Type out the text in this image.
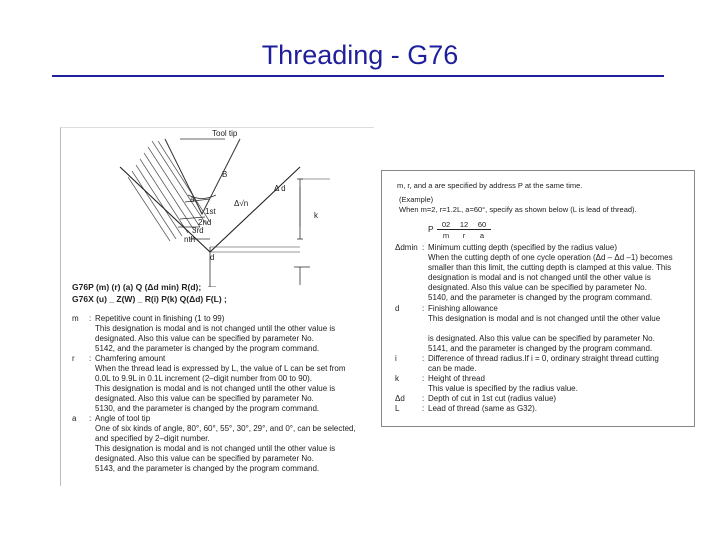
Threading - G76
Tool tip
B
a
1st
2nd
3rd
nth
Δ d
Δ√n
k
d
G76P (m) (r) (a) Q (Δd min) R(d);
G76X (u) _ Z(W) _ R(i) P(k) Q(Δd) F(L) ;
m	: Repetitive count in finishing (1 to 99)
This designation is modal and is not changed until the other value is
designated. Also this value can be specified by parameter No.
5142, and the parameter is changed by the program command.
r	: Chamfering amount
When the thread lead is expressed by L, the value of L can be set from
0.0L to 9.9L in 0.1L increment (2–digit number from 00 to 90).
This designation is modal and is not changed until the other value is
designated. Also this value can be specified by parameter No.
5130, and the parameter is changed by the program command.
a	: Angle of tool tip
One of six kinds of angle, 80°, 60°, 55°, 30°, 29°, and 0°, can be selected,
and specified by 2–digit number.
This designation is modal and is not changed until the other value is
designated. Also this value can be specified by parameter No.
5143, and the parameter is changed by the program command.
m, r, and a are specified by address P at the same time.
(Example)
When m=2, r=1.2L, a=60°, specify as shown below (L is lead of thread).
P	02	12	60
m	r	a
Δdmin : Minimum cutting depth (specified by the radius value)
When the cutting depth of one cycle operation (Δd – Δd –1) becomes
smaller than this limit, the cutting depth is clamped at this value. This
designation is modal and is not changed until the other value is
designated. Also this value can be specified by parameter No.
5140, and the parameter is changed by the program command.
d	: Finishing allowance
This designation is modal and is not changed until the other value
is designated. Also this value can be specified by parameter No.
5141, and the parameter is changed by the program command.
i	: Difference of thread radius.If i = 0, ordinary straight thread cutting
can be made.
k	: Height of thread
This value is specified by the radius value.
Δd	: Depth of cut in 1st cut (radius value)
L	: Lead of thread (same as G32).
